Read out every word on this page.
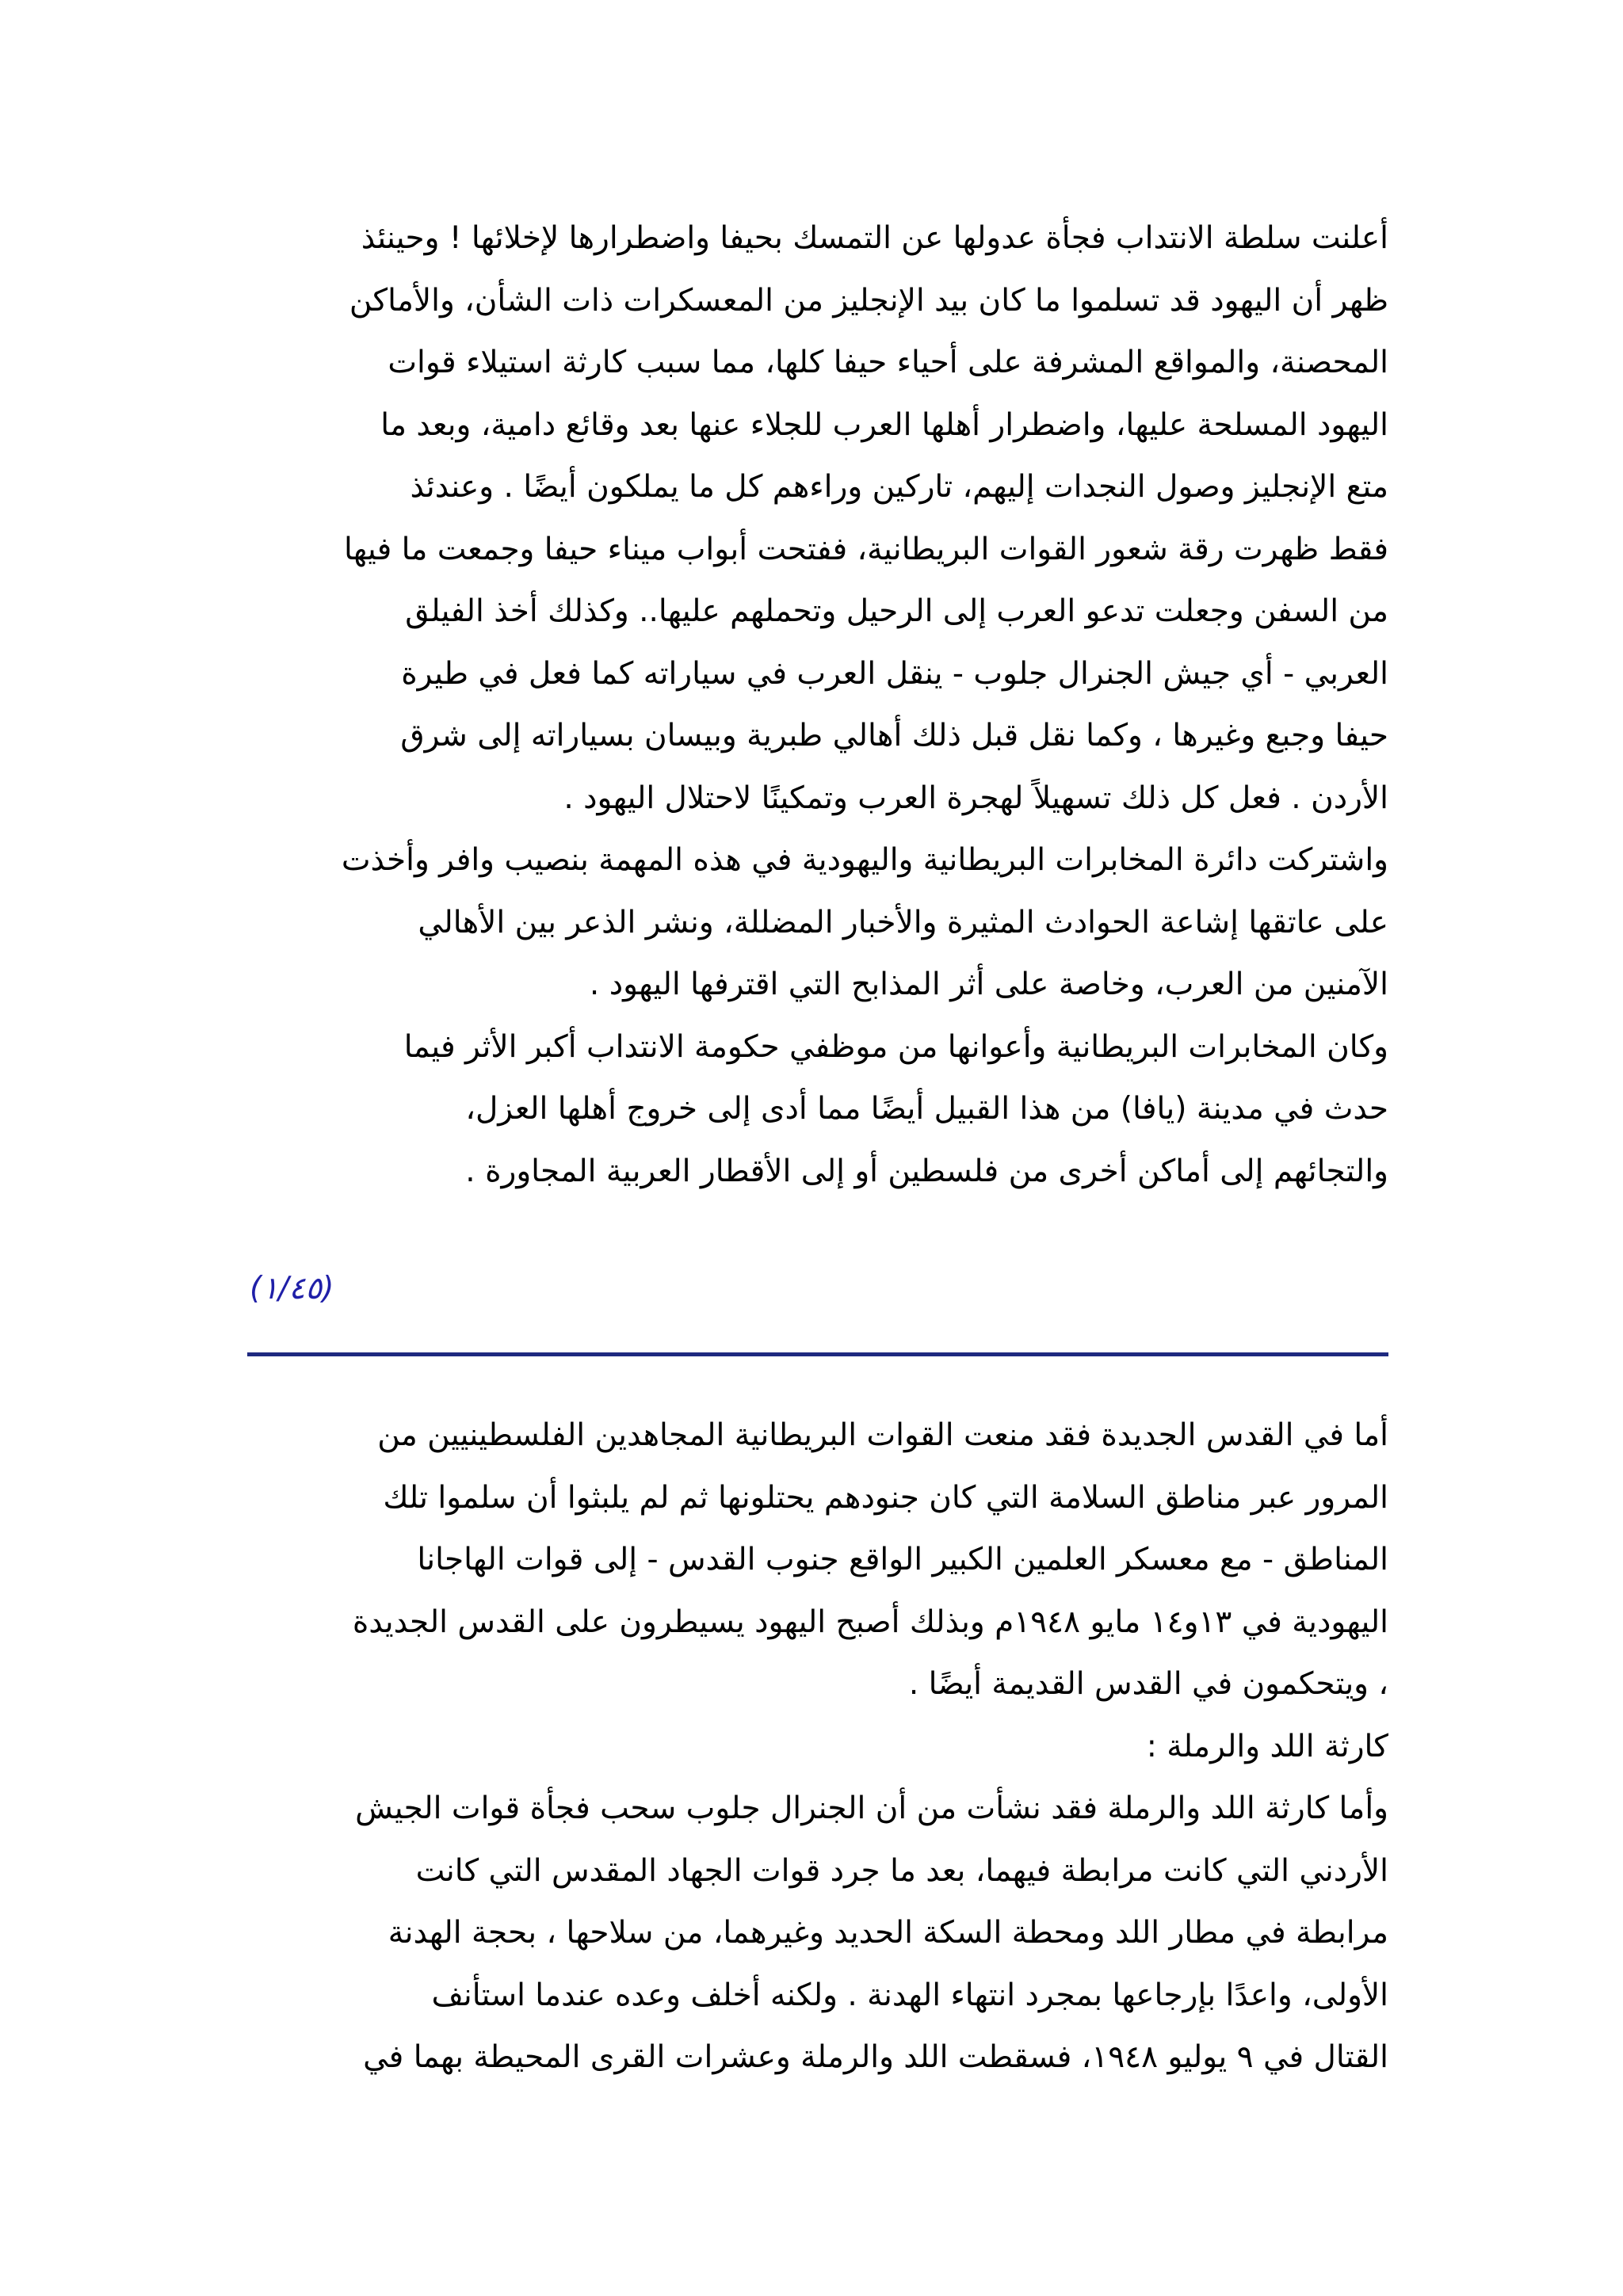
أعلنت سلطة الانتداب فجأة عدولها عن التمسك بحيفا واضطرارها لإخلائها ! وحينئذ
ظهر أن اليهود قد تسلموا ما كان بيد الإنجليز من المعسكرات ذات الشأن، والأماكن
المحصنة، والمواقع المشرفة على أحياء حيفا كلها، مما سبب كارثة استيلاء قوات
اليهود المسلحة عليها، واضطرار أهلها العرب للجلاء عنها بعد وقائع دامية، وبعد ما
متع الإنجليز وصول النجدات إليهم، تاركين وراءهم كل ما يملكون أيضًا . وعندئذ
فقط ظهرت رقة شعور القوات البريطانية، ففتحت أبواب ميناء حيفا وجمعت ما فيها
من السفن وجعلت تدعو العرب إلى الرحيل وتحملهم عليها.. وكذلك أخذ الفيلق
العربي - أي جيش الجنرال جلوب - ينقل العرب في سياراته كما فعل في طيرة
حيفا وجبع وغيرها ، وكما نقل قبل ذلك أهالي طبرية وبيسان بسياراته إلى شرق
الأردن . فعل كل ذلك تسهيلاً لهجرة العرب وتمكينًا لاحتلال اليهود .
واشتركت دائرة المخابرات البريطانية واليهودية في هذه المهمة بنصيب وافر وأخذت
على عاتقها إشاعة الحوادث المثيرة والأخبار المضللة، ونشر الذعر بين الأهالي
الآمنين من العرب، وخاصة على أثر المذابح التي اقترفها اليهود .
وكان المخابرات البريطانية وأعوانها من موظفي حكومة الانتداب أكبر الأثر فيما
حدث في مدينة (يافا) من هذا القبيل أيضًا مما أدى إلى خروج أهلها العزل،
والتجائهم إلى أماكن أخرى من فلسطين أو إلى الأقطار العربية المجاورة .
(١/٤٥)
أما في القدس الجديدة فقد منعت القوات البريطانية المجاهدين الفلسطينيين من
المرور عبر مناطق السلامة التي كان جنودهم يحتلونها ثم لم يلبثوا أن سلموا تلك
المناطق - مع معسكر العلمين الكبير الواقع جنوب القدس - إلى قوات الهاجانا
اليهودية في ١٣و١٤ مايو ١٩٤٨م وبذلك أصبح اليهود يسيطرون على القدس الجديدة
، ويتحكمون في القدس القديمة أيضًا .
كارثة اللد والرملة :
وأما كارثة اللد والرملة فقد نشأت من أن الجنرال جلوب سحب فجأة قوات الجيش
الأردني التي كانت مرابطة فيهما، بعد ما جرد قوات الجهاد المقدس التي كانت
مرابطة في مطار اللد ومحطة السكة الحديد وغيرهما، من سلاحها ، بحجة الهدنة
الأولى، واعدًا بإرجاعها بمجرد انتهاء الهدنة . ولكنه أخلف وعده عندما استأنف
القتال في ٩ يوليو ١٩٤٨، فسقطت اللد والرملة وعشرات القرى المحيطة بهما في
